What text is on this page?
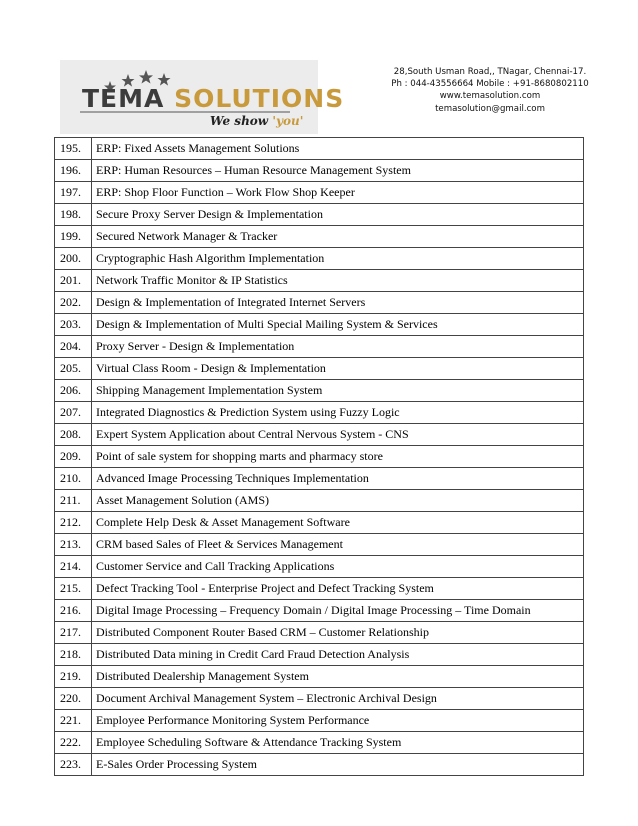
TEMA SOLUTIONS
We show 'you'
28,South Usman Road,, TNagar, Chennai-17.
Ph : 044-43556664 Mobile : +91-8680802110
www.temasolution.com
temasolution@gmail.com
195.	ERP: Fixed Assets Management Solutions
196.	ERP: Human Resources – Human Resource Management System
197.	ERP: Shop Floor Function – Work Flow Shop Keeper
198.	Secure Proxy Server Design & Implementation
199.	Secured Network Manager & Tracker
200.	Cryptographic Hash Algorithm Implementation
201.	Network Traffic Monitor & IP Statistics
202.	Design & Implementation of Integrated Internet Servers
203.	Design & Implementation of Multi Special Mailing System & Services
204.	Proxy Server - Design & Implementation
205.	Virtual Class Room - Design & Implementation
206.	Shipping Management Implementation System
207.	Integrated Diagnostics & Prediction System using Fuzzy Logic
208.	Expert System Application about Central Nervous System - CNS
209.	Point of sale system for shopping marts and pharmacy store
210.	Advanced Image Processing Techniques Implementation
211.	Asset Management Solution (AMS)
212.	Complete Help Desk & Asset Management Software
213.	CRM based Sales of Fleet & Services Management
214.	Customer Service and Call Tracking Applications
215.	Defect Tracking Tool - Enterprise Project and Defect Tracking System
216.	Digital Image Processing – Frequency Domain / Digital Image Processing – Time Domain
217.	Distributed Component Router Based CRM – Customer Relationship
218.	Distributed Data mining in Credit Card Fraud Detection Analysis
219.	Distributed Dealership Management System
220.	Document Archival Management System – Electronic Archival Design
221.	Employee Performance Monitoring System Performance
222.	Employee Scheduling Software & Attendance Tracking System
223.	E-Sales Order Processing System
